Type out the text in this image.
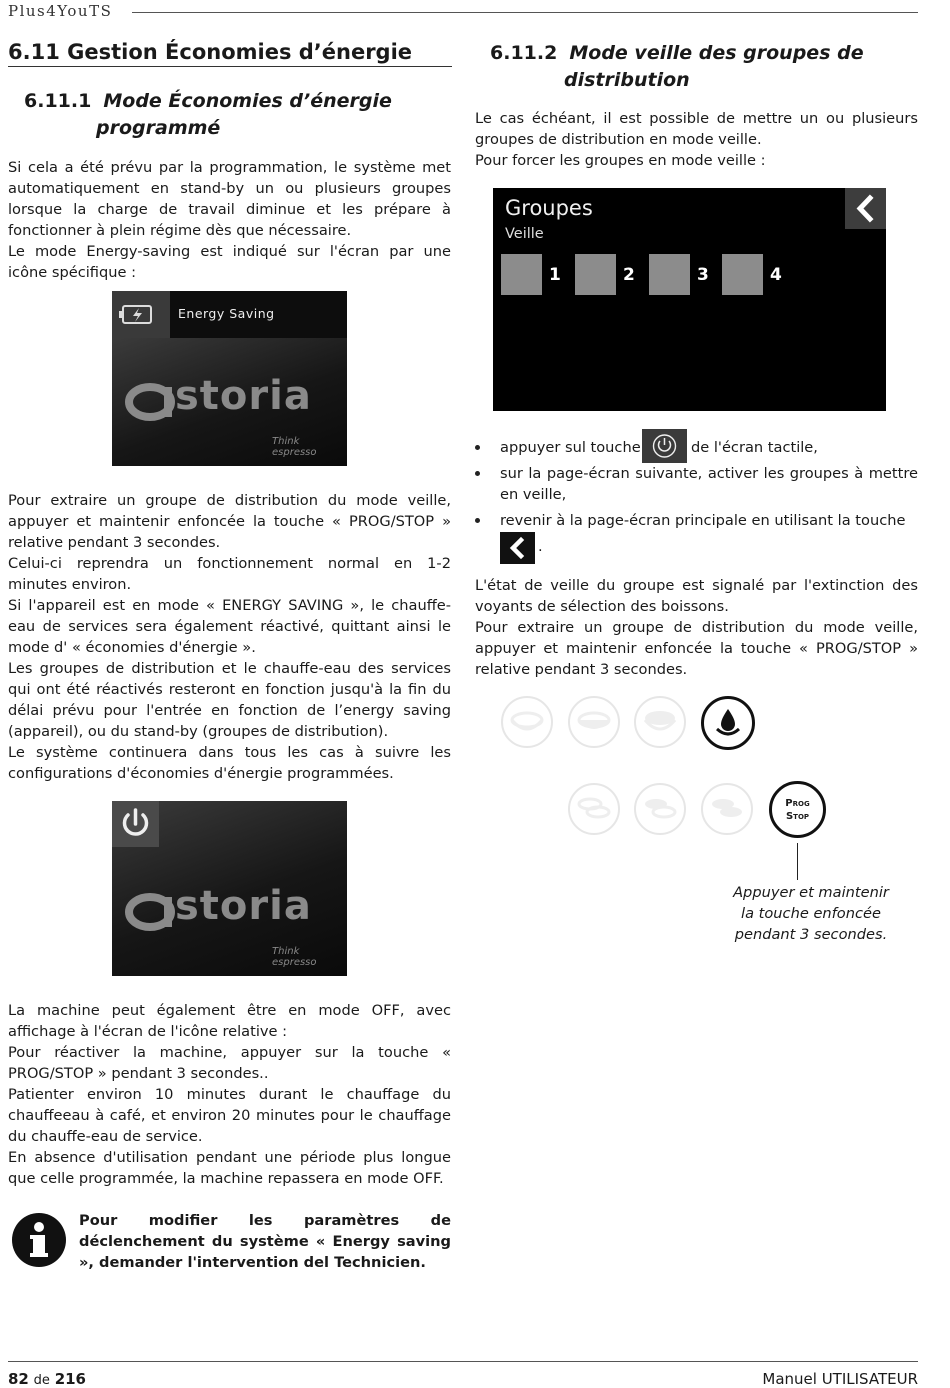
Plus4YouTS
6.11 Gestion Économies d’énergie
6.11.1 Mode Économies d’énergie
programmé

Si cela a été prévu par la programmation, le système met automatiquement en stand-by un ou plusieurs groupes lorsque la charge de travail diminue et les prépare à fonctionner à plein régime dès que nécessaire.

Le mode Energy-saving est indiqué sur l'écran par une icône spécifique :

Energy Saving
storia
Think espresso

Pour extraire un groupe de distribution du mode veille, appuyer et maintenir enfoncée la touche « PROG/STOP » relative pendant 3 secondes.

Celui-ci reprendra un fonctionnement normal en 1-2 minutes environ.

Si l'appareil est en mode « ENERGY SAVING », le chauffe-eau de services sera également réactivé, quittant ainsi le mode d' « économies d'énergie ».

Les groupes de distribution et le chauffe-eau des services qui ont été réactivés resteront en fonction jusqu'à la fin du délai prévu pour l'entrée en fonction de l’energy saving (appareil), ou du stand-by (groupes de distribution).

Le système continuera dans tous les cas à suivre les configurations d'économies d'énergie programmées.

storia
Think espresso

La machine peut également être en mode OFF, avec affichage à l'écran de l'icône relative :

Pour réactiver la machine, appuyer sur la touche « PROG/STOP » pendant 3 secondes..

Patienter environ 10 minutes durant le chauffage du chauffeeau à café, et environ 20 minutes pour le chauffage du chauffe-eau de service.

En absence d'utilisation pendant une période plus longue que celle programmée, la machine repassera en mode OFF.

Pour modifier les paramètres de déclenchement du système « Energy saving », demander l'intervention del Technicien.
6.11.2 Mode veille des groupes de
distribution

Le cas échéant, il est possible de mettre un ou plusieurs groupes de distribution en mode veille.

Pour forcer les groupes en mode veille :

Groupes
Veille
1	2	3	4
appuyer sul touche	de l'écran tactile,
sur la page-écran suivante, activer les groupes à mettre en veille,
revenir à la page-écran principale en utilisant la touche
.

L'état de veille du groupe est signalé par l'extinction des voyants de sélection des boissons.

Pour extraire un groupe de distribution du mode veille, appuyer et maintenir enfoncée la touche « PROG/STOP » relative pendant 3 secondes.

Prog
Stop
Appuyer et maintenir
la touche enfoncée
pendant 3 secondes.
82 de 216	Manuel UTILISATEUR
